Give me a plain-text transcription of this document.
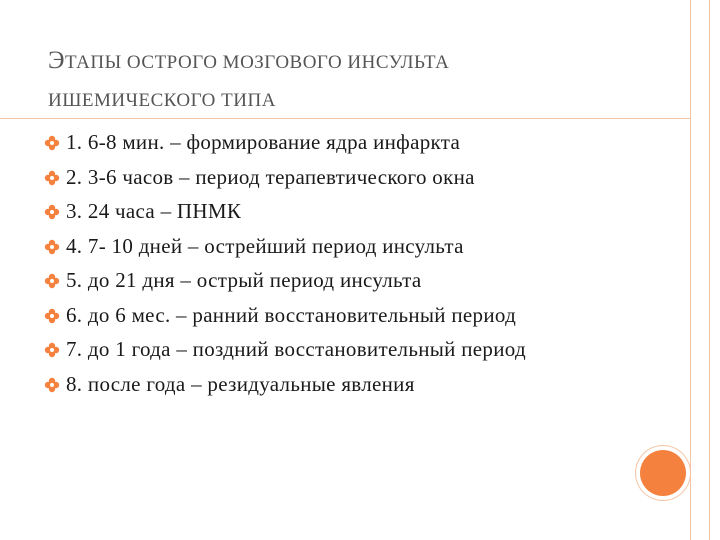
ЭТАПЫ ОСТРОГО МОЗГОВОГО ИНСУЛЬТА
ИШЕМИЧЕСКОГО ТИПА
1. 6-8 мин. – формирование ядра инфаркта
2. 3-6 часов – период терапевтического окна
3. 24 часа – ПНМК
4. 7- 10 дней – острейший период инсульта
5. до 21 дня – острый период инсульта
6. до 6 мес. – ранний восстановительный период
7. до 1 года – поздний восстановительный период
8. после года – резидуальные явления
